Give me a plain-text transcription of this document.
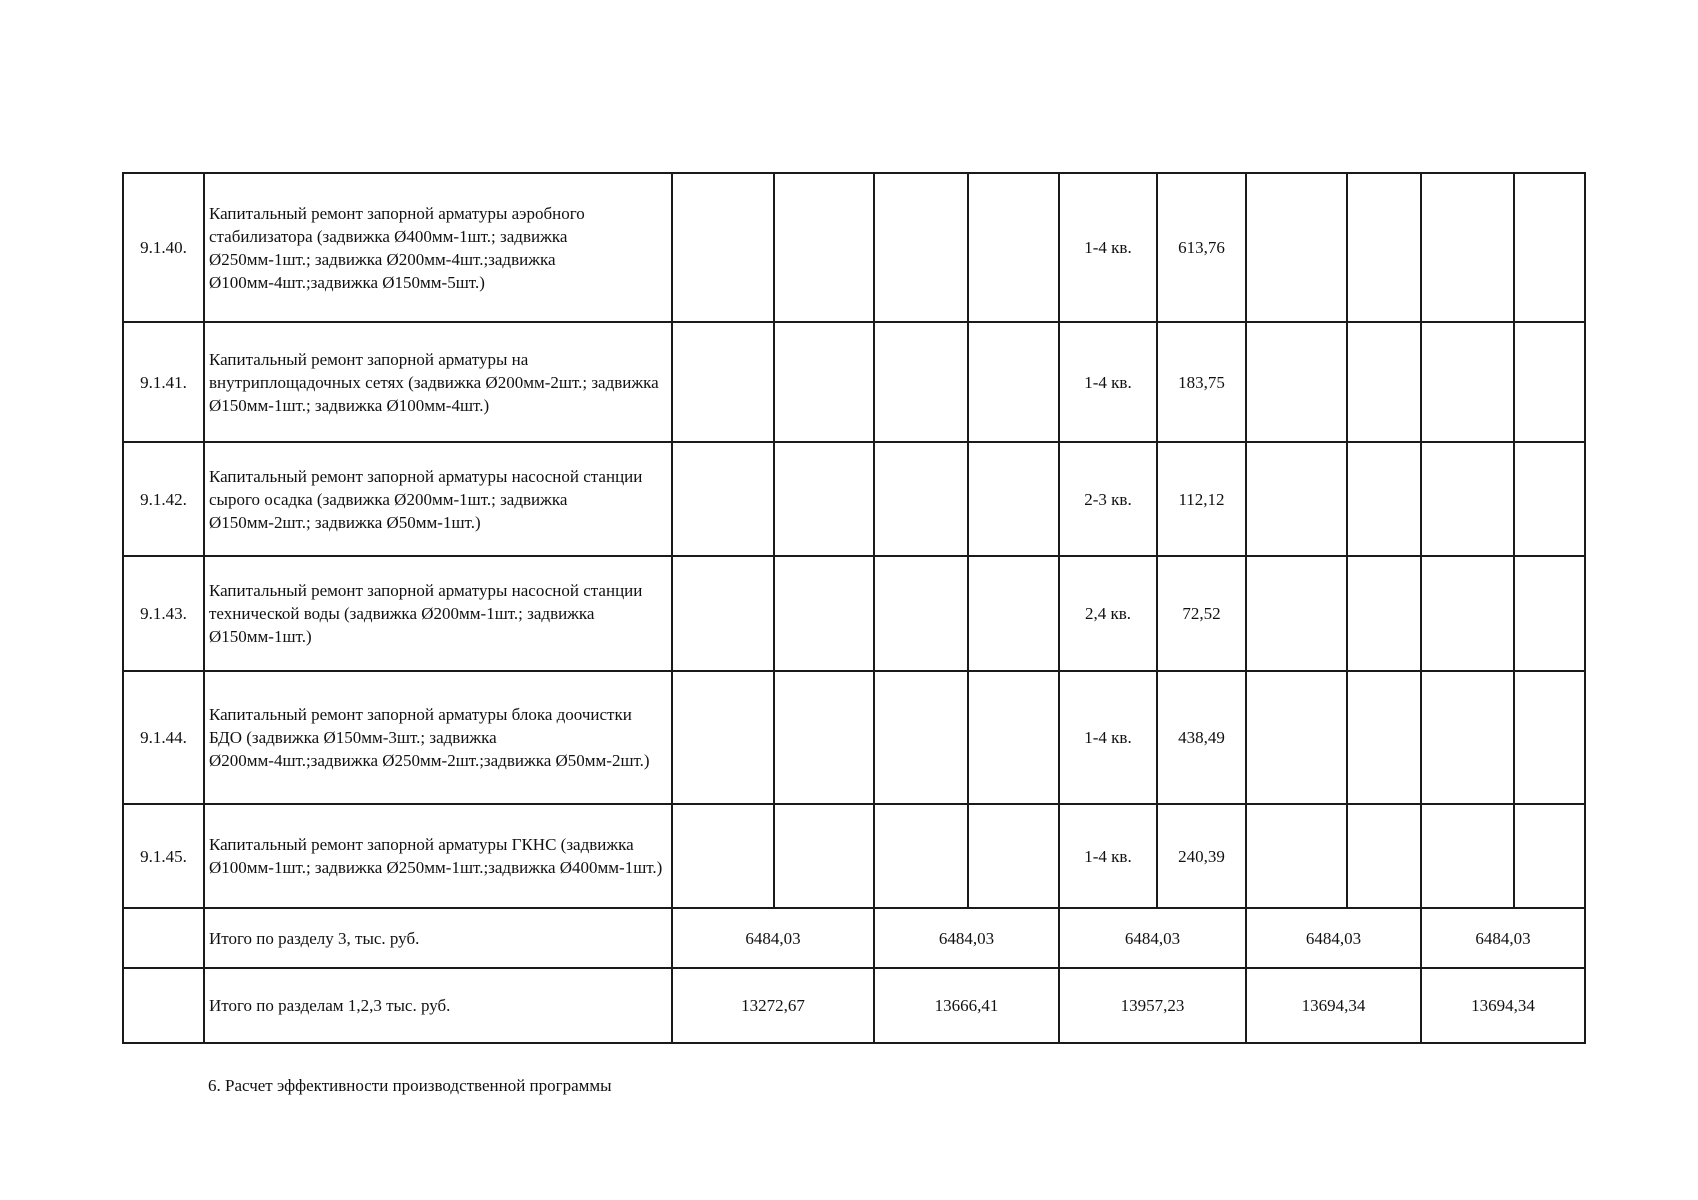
9.1.40.	Капитальный ремонт запорной арматуры аэробного стабилизатора (задвижка Ø400мм-1шт.; задвижка Ø250мм-1шт.; задвижка Ø200мм-4шт.;задвижка Ø100мм-4шт.;задвижка Ø150мм-5шт.)					1-4 кв.	613,76				
9.1.41.	Капитальный ремонт запорной арматуры на внутриплощадочных сетях (задвижка Ø200мм-2шт.; задвижка Ø150мм-1шт.; задвижка Ø100мм-4шт.)					1-4 кв.	183,75				
9.1.42.	Капитальный ремонт запорной арматуры насосной станции сырого осадка (задвижка Ø200мм-1шт.; задвижка Ø150мм-2шт.; задвижка Ø50мм-1шт.)					2-3 кв.	112,12				
9.1.43.	Капитальный ремонт запорной арматуры насосной станции технической воды (задвижка Ø200мм-1шт.; задвижка Ø150мм-1шт.)					2,4 кв.	72,52				
9.1.44.	Капитальный ремонт запорной арматуры блока доочистки БДО (задвижка Ø150мм-3шт.; задвижка Ø200мм-4шт.;задвижка Ø250мм-2шт.;задвижка Ø50мм-2шт.)					1-4 кв.	438,49				
9.1.45.	Капитальный ремонт запорной арматуры ГКНС (задвижка Ø100мм-1шт.; задвижка Ø250мм-1шт.;задвижка Ø400мм-1шт.)					1-4 кв.	240,39				
	Итого по разделу 3, тыс. руб.	6484,03		6484,03		6484,03		6484,03		6484,03	
	Итого по разделам 1,2,3 тыс. руб.	13272,67		13666,41		13957,23		13694,34		13694,34	
6. Расчет эффективности производственной программы
